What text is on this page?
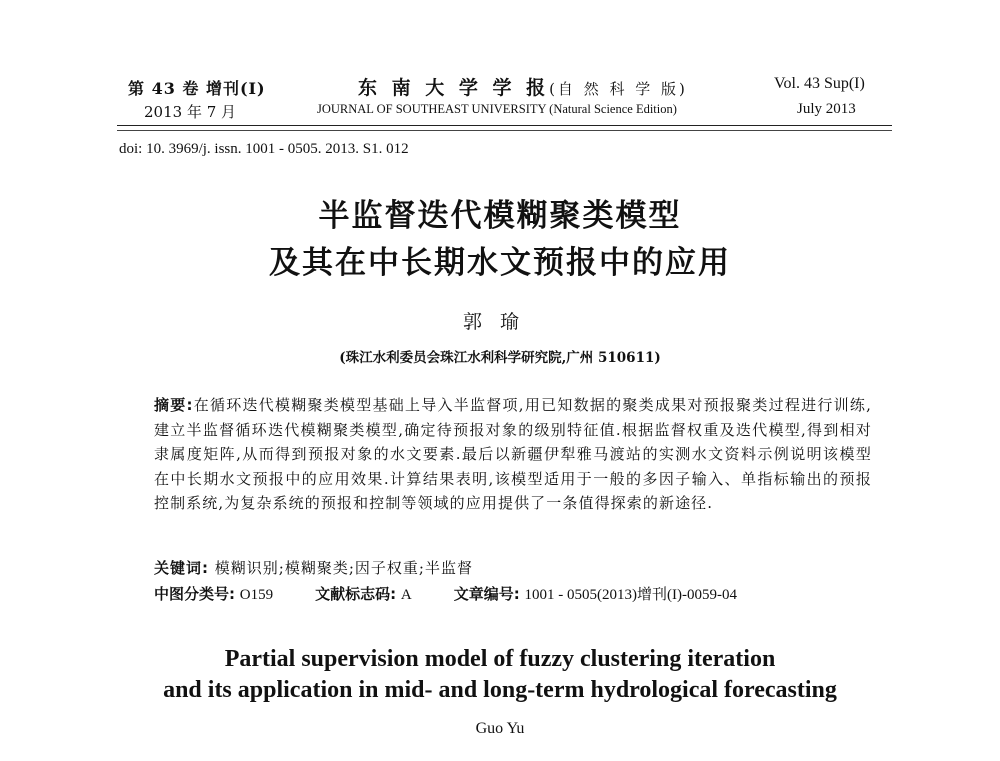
第 43 卷 增刊(I)
2013 年 7 月
东 南 大 学 学 报(自 然 科 学 版)
JOURNAL OF SOUTHEAST UNIVERSITY (Natural Science Edition)
Vol. 43 Sup(I)
July 2013
doi: 10. 3969/j. issn. 1001 - 0505. 2013. S1. 012
半监督迭代模糊聚类模型
及其在中长期水文预报中的应用
郭瑜
(珠江水利委员会珠江水利科学研究院,广州 510611)
摘要:在循环迭代模糊聚类模型基础上导入半监督项,用已知数据的聚类成果对预报聚类过程进行训练,建立半监督循环迭代模糊聚类模型,确定待预报对象的级别特征值.根据监督权重及迭代模型,得到相对隶属度矩阵,从而得到预报对象的水文要素.最后以新疆伊犁雅马渡站的实测水文资料示例说明该模型在中长期水文预报中的应用效果.计算结果表明,该模型适用于一般的多因子输入、单指标输出的预报控制系统,为复杂系统的预报和控制等领域的应用提供了一条值得探索的新途径.
关键词: 模糊识别;模糊聚类;因子权重;半监督
中图分类号: O159	文献标志码: A	文章编号: 1001 - 0505(2013)增刊(I)-0059-04
Partial supervision model of fuzzy clustering iteration
and its application in mid- and long-term hydrological forecasting
Guo Yu
